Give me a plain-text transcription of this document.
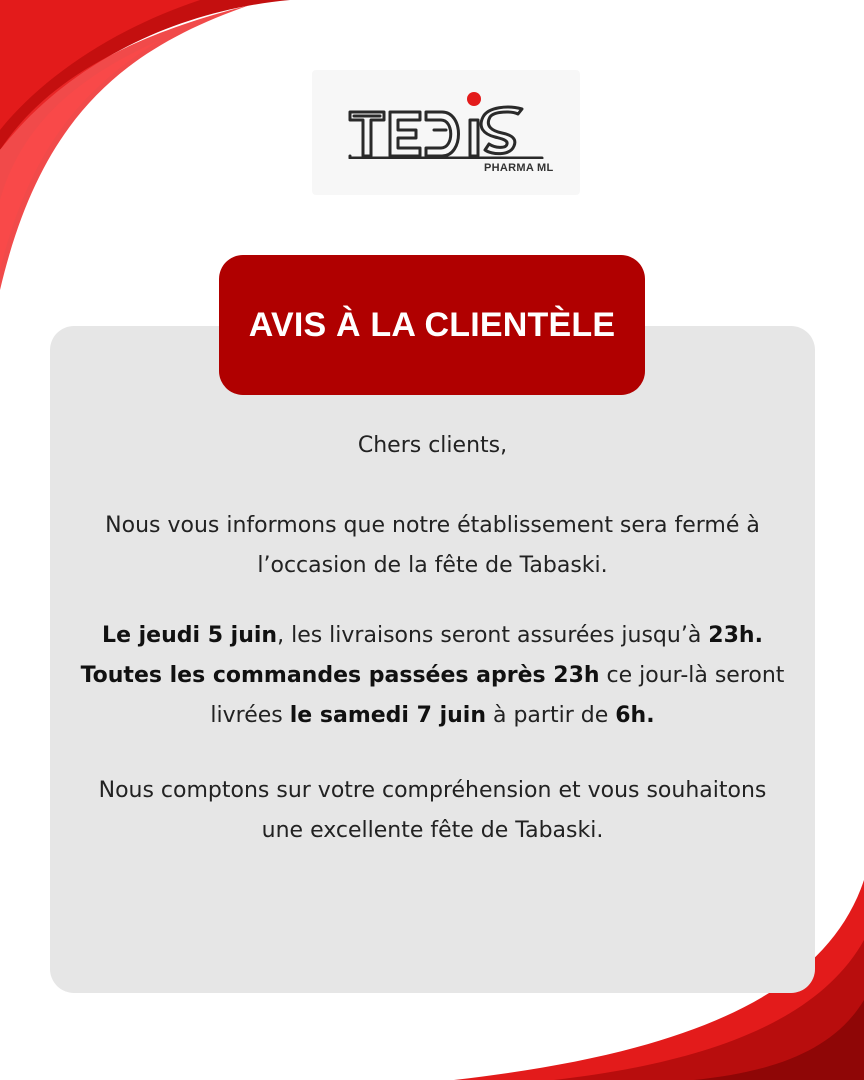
PHARMA ML
AVIS À LA CLIENTÈLE
Chers clients,
Nous vous informons que notre établissement sera fermé à
l’occasion de la fête de Tabaski.
Le jeudi 5 juin, les livraisons seront assurées jusqu’à 23h.
Toutes les commandes passées après 23h ce jour-là seront
livrées le samedi 7 juin à partir de 6h.
Nous comptons sur votre compréhension et vous souhaitons
une excellente fête de Tabaski.
